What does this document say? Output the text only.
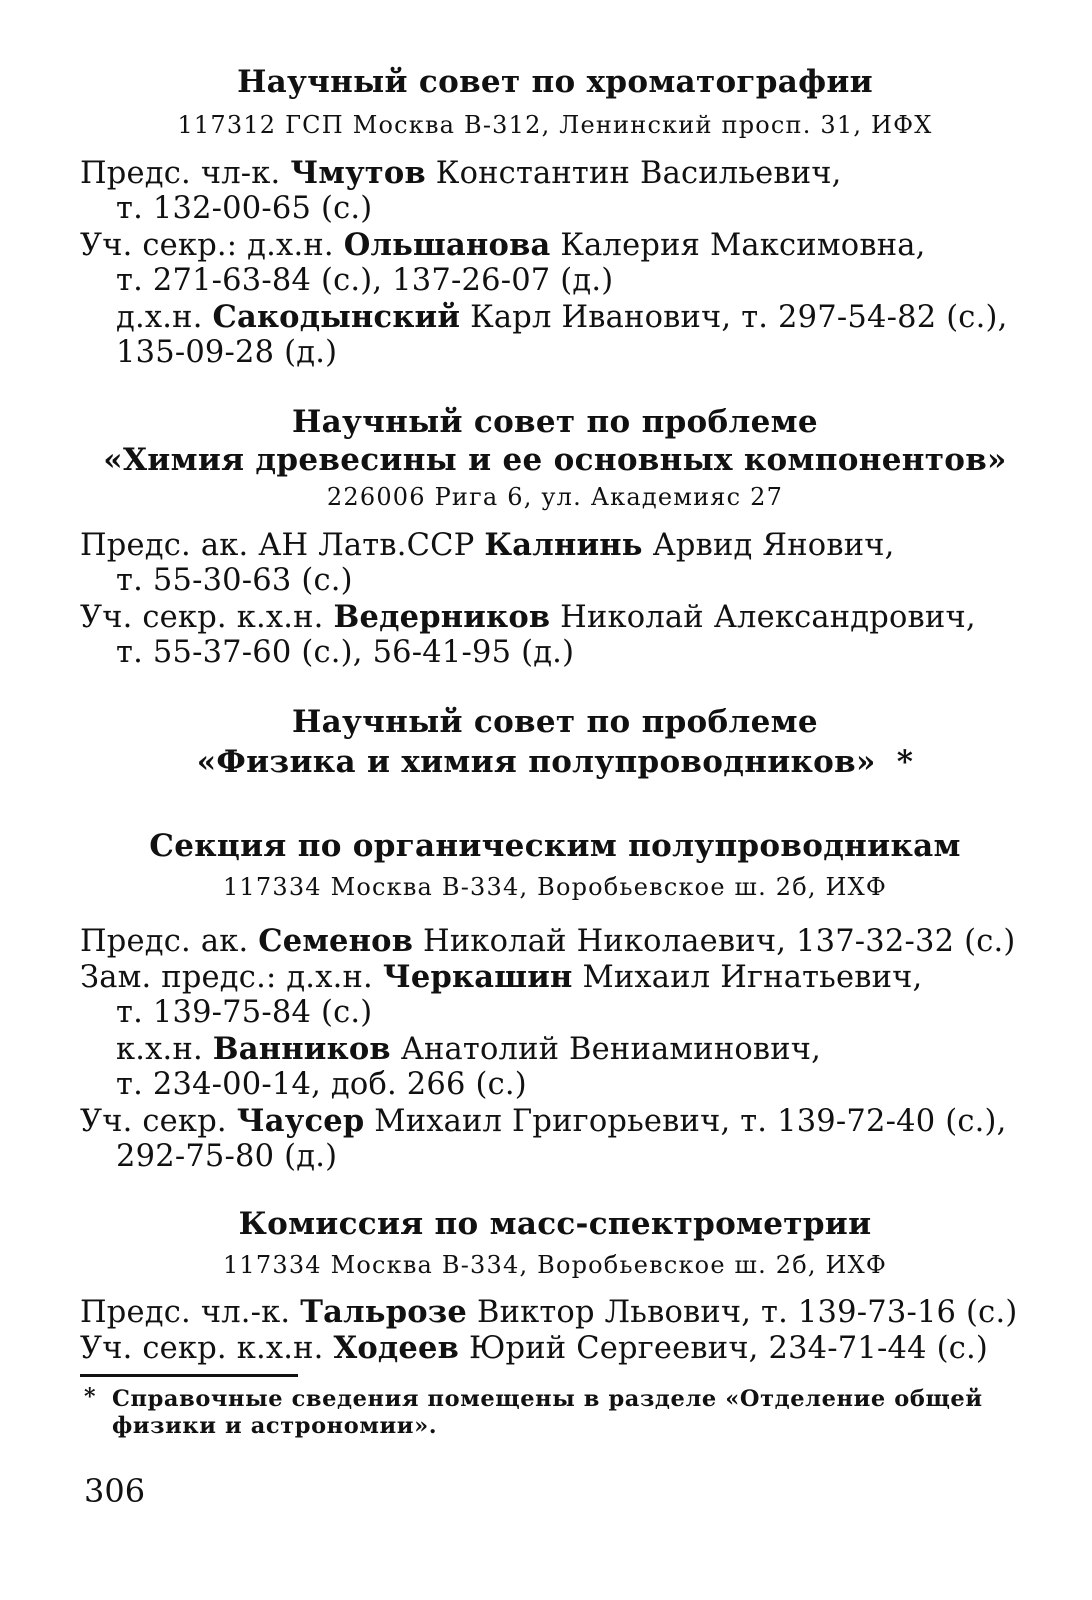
Научный совет по хроматографии
117312 ГСП Москва В-312, Ленинский просп. 31, ИФХ
Предс. чл-к. Чмутов Константин Васильевич,
т. 132-00-65 (с.)
Уч. секр.: д.х.н. Ольшанова Калерия Максимовна,
т. 271-63-84 (с.), 137-26-07 (д.)
д.х.н. Сакодынский Карл Иванович, т. 297-54-82 (с.),
135-09-28 (д.)
Научный совет по проблеме
«Химия древесины и ее основных компонентов»
226006 Рига 6, ул. Академияс 27
Предс. ак. АН Латв.ССР Калнинь Арвид Янович,
т. 55-30-63 (с.)
Уч. секр. к.х.н. Ведерников Николай Александрович,
т. 55-37-60 (с.), 56-41-95 (д.)
Научный совет по проблеме
«Физика и химия полупроводников» *
Секция по органическим полупроводникам
117334 Москва В-334, Воробьевское ш. 2б, ИХФ
Предс. ак. Семенов Николай Николаевич, 137-32-32 (с.)
Зам. предс.: д.х.н. Черкашин Михаил Игнатьевич,
т. 139-75-84 (с.)
к.х.н. Ванников Анатолий Вениаминович,
т. 234-00-14, доб. 266 (с.)
Уч. секр. Чаусер Михаил Григорьевич, т. 139-72-40 (с.),
292-75-80 (д.)
Комиссия по масс-спектрометрии
117334 Москва В-334, Воробьевское ш. 2б, ИХФ
Предс. чл.-к. Тальрозе Виктор Львович, т. 139-73-16 (с.)
Уч. секр. к.х.н. Ходеев Юрий Сергеевич, 234-71-44 (с.)
* Справочные сведения помещены в разделе «Отделение общей
физики и астрономии».
306
